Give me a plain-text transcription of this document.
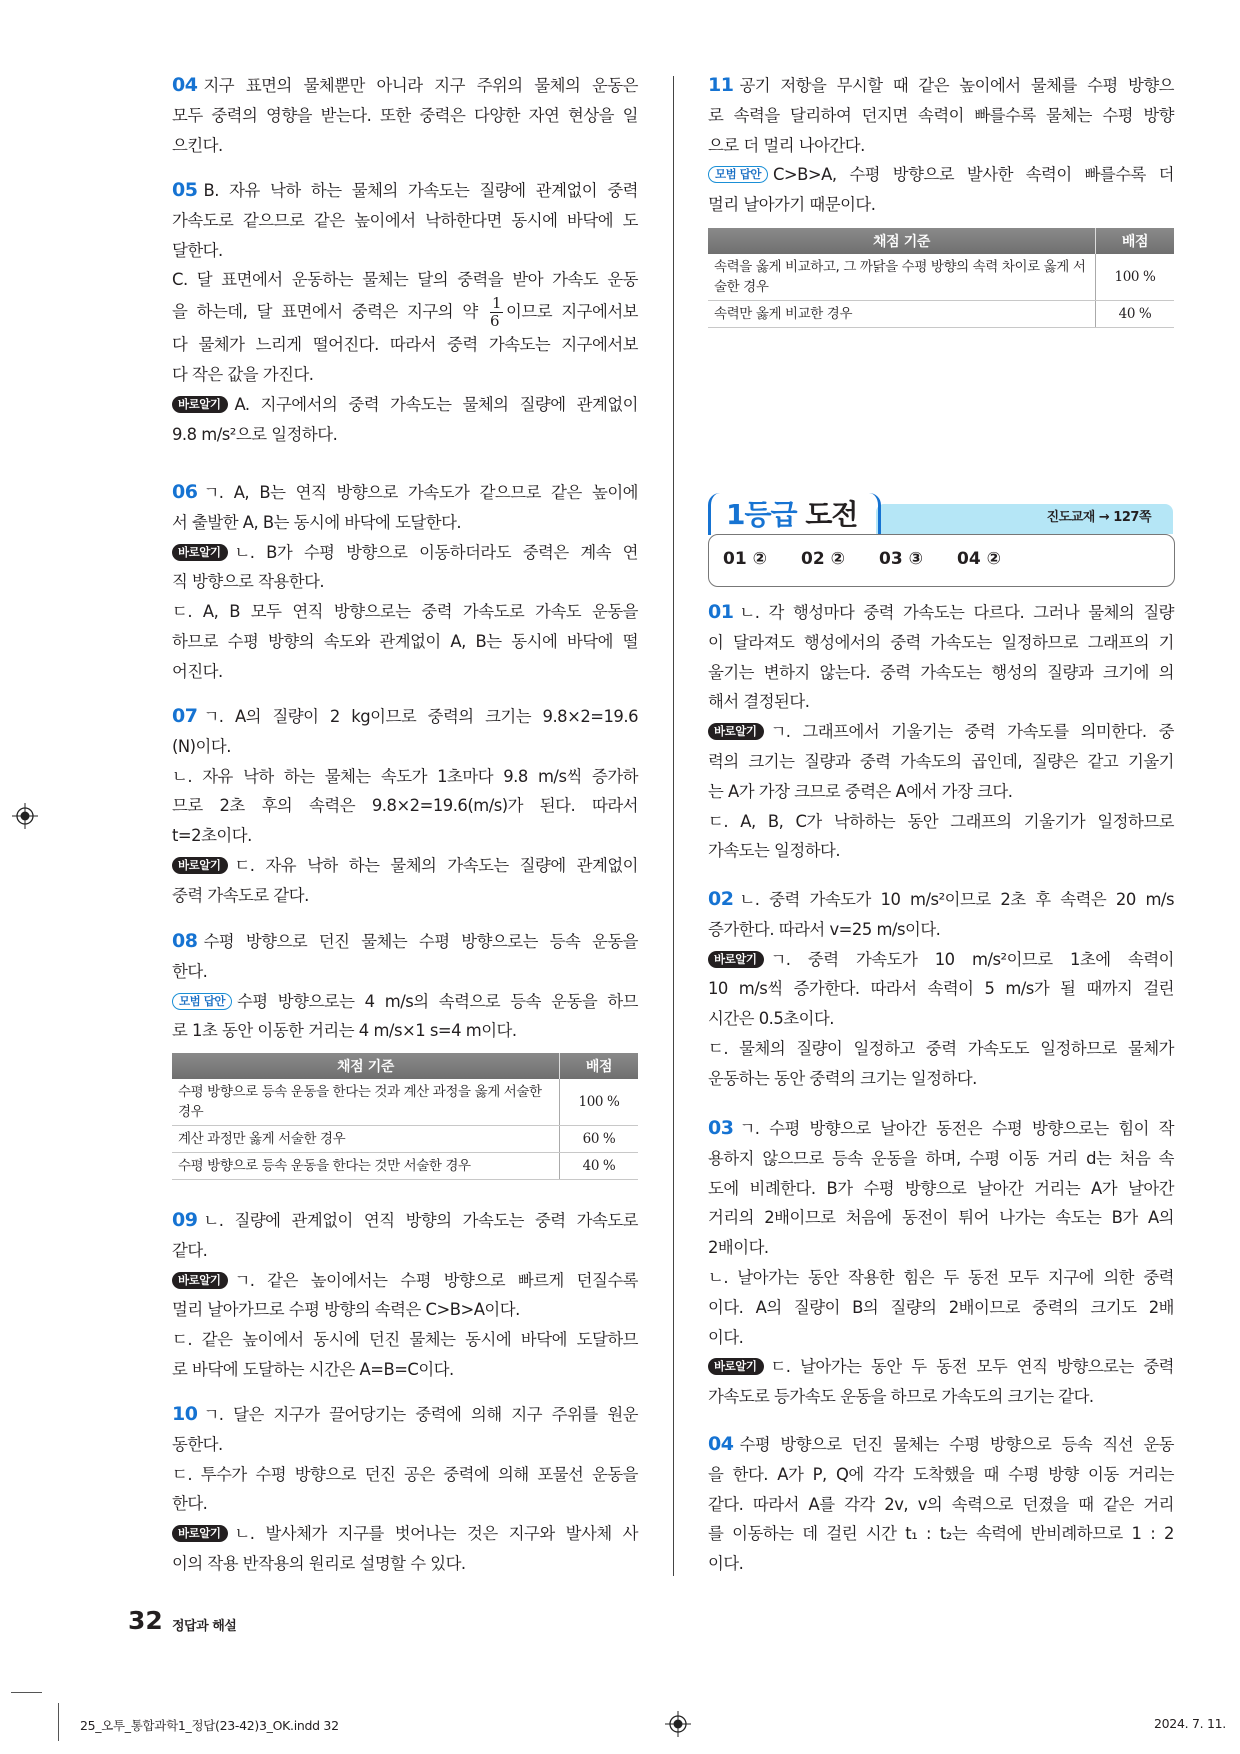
04 지구 표면의 물체뿐만 아니라 지구 주위의 물체의 운동은
모두 중력의 영향을 받는다. 또한 중력은 다양한 자연 현상을 일
으킨다.
05 B. 자유 낙하 하는 물체의 가속도는 질량에 관계없이 중력
가속도로 같으므로 같은 높이에서 낙하한다면 동시에 바닥에 도
달한다.
C. 달 표면에서 운동하는 물체는 달의 중력을 받아 가속도 운동
을 하는데, 달 표면에서 중력은 지구의 약 $\frac{1}{6}$ 이므로 지구에서보
다 물체가 느리게 떨어진다. 따라서 중력 가속도는 지구에서보
다 작은 값을 가진다.
바로알기 A. 지구에서의 중력 가속도는 물체의 질량에 관계없이
9.8 m/s²으로 일정하다.
06 ㄱ. A, B는 연직 방향으로 가속도가 같으므로 같은 높이에
서 출발한 A, B는 동시에 바닥에 도달한다.
바로알기 ㄴ. B가 수평 방향으로 이동하더라도 중력은 계속 연
직 방향으로 작용한다.
ㄷ. A, B 모두 연직 방향으로는 중력 가속도로 가속도 운동을
하므로 수평 방향의 속도와 관계없이 A, B는 동시에 바닥에 떨
어진다.
07 ㄱ. A의 질량이 2 kg이므로 중력의 크기는 9.8×2=19.6
(N)이다.
ㄴ. 자유 낙하 하는 물체는 속도가 1초마다 9.8 m/s씩 증가하
므로 2초 후의 속력은 9.8×2=19.6(m/s)가 된다. 따라서
t=2초이다.
바로알기 ㄷ. 자유 낙하 하는 물체의 가속도는 질량에 관계없이
중력 가속도로 같다.
08 수평 방향으로 던진 물체는 수평 방향으로는 등속 운동을
한다.
모범 답안 수평 방향으로는 4 m/s의 속력으로 등속 운동을 하므
로 1초 동안 이동한 거리는 4 m/s×1 s=4 m이다.
09 ㄴ. 질량에 관계없이 연직 방향의 가속도는 중력 가속도로
같다.
바로알기 ㄱ. 같은 높이에서는 수평 방향으로 빠르게 던질수록
멀리 날아가므로 수평 방향의 속력은 C>B>A이다.
ㄷ. 같은 높이에서 동시에 던진 물체는 동시에 바닥에 도달하므
로 바닥에 도달하는 시간은 A=B=C이다.
10 ㄱ. 달은 지구가 끌어당기는 중력에 의해 지구 주위를 원운
동한다.
ㄷ. 투수가 수평 방향으로 던진 공은 중력에 의해 포물선 운동을
한다.
바로알기 ㄴ. 발사체가 지구를 벗어나는 것은 지구와 발사체 사
이의 작용 반작용의 원리로 설명할 수 있다.
11 공기 저항을 무시할 때 같은 높이에서 물체를 수평 방향으
로 속력을 달리하여 던지면 속력이 빠를수록 물체는 수평 방향
으로 더 멀리 나아간다.
모범 답안 C>B>A, 수평 방향으로 발사한 속력이 빠를수록 더
멀리 날아가기 때문이다.
01 ㄴ. 각 행성마다 중력 가속도는 다르다. 그러나 물체의 질량
이 달라져도 행성에서의 중력 가속도는 일정하므로 그래프의 기
울기는 변하지 않는다. 중력 가속도는 행성의 질량과 크기에 의
해서 결정된다.
바로알기 ㄱ. 그래프에서 기울기는 중력 가속도를 의미한다. 중
력의 크기는 질량과 중력 가속도의 곱인데, 질량은 같고 기울기
는 A가 가장 크므로 중력은 A에서 가장 크다.
ㄷ. A, B, C가 낙하하는 동안 그래프의 기울기가 일정하므로
가속도는 일정하다.
02 ㄴ. 중력 가속도가 10 m/s²이므로 2초 후 속력은 20 m/s
증가한다. 따라서 v=25 m/s이다.
바로알기 ㄱ. 중력 가속도가 10 m/s²이므로 1초에 속력이
10 m/s씩 증가한다. 따라서 속력이 5 m/s가 될 때까지 걸린
시간은 0.5초이다.
ㄷ. 물체의 질량이 일정하고 중력 가속도도 일정하므로 물체가
운동하는 동안 중력의 크기는 일정하다.
03 ㄱ. 수평 방향으로 날아간 동전은 수평 방향으로는 힘이 작
용하지 않으므로 등속 운동을 하며, 수평 이동 거리 d는 처음 속
도에 비례한다. B가 수평 방향으로 날아간 거리는 A가 날아간
거리의 2배이므로 처음에 동전이 튀어 나가는 속도는 B가 A의
2배이다.
ㄴ. 날아가는 동안 작용한 힘은 두 동전 모두 지구에 의한 중력
이다. A의 질량이 B의 질량의 2배이므로 중력의 크기도 2배
이다.
바로알기 ㄷ. 날아가는 동안 두 동전 모두 연직 방향으로는 중력
가속도로 등가속도 운동을 하므로 가속도의 크기는 같다.
04 수평 방향으로 던진 물체는 수평 방향으로 등속 직선 운동
을 한다. A가 P, Q에 각각 도착했을 때 수평 방향 이동 거리는
같다. 따라서 A를 각각 2v, v의 속력으로 던졌을 때 같은 거리
를 이동하는 데 걸린 시간 t₁ : t₂는 속력에 반비례하므로 1 : 2
이다.
채점 기준	배점
수평 방향으로 등속 운동을 한다는 것과 계산 과정을 옳게 서술한 경우	100 %
계산 과정만 옳게 서술한 경우	60 %
수평 방향으로 등속 운동을 한다는 것만 서술한 경우	40 %
채점 기준	배점
속력을 옳게 비교하고, 그 까닭을 수평 방향의 속력 차이로 옳게 서술한 경우	100 %
속력만 옳게 비교한 경우	40 %
1등급 도전
01 ② 02 ② 03 ③ 04 ②
진도교재 → 127쪽
32 정답과 해설
25_오투_통합과학1_정답(23-42)3_OK.indd 32	2024. 7. 11.
